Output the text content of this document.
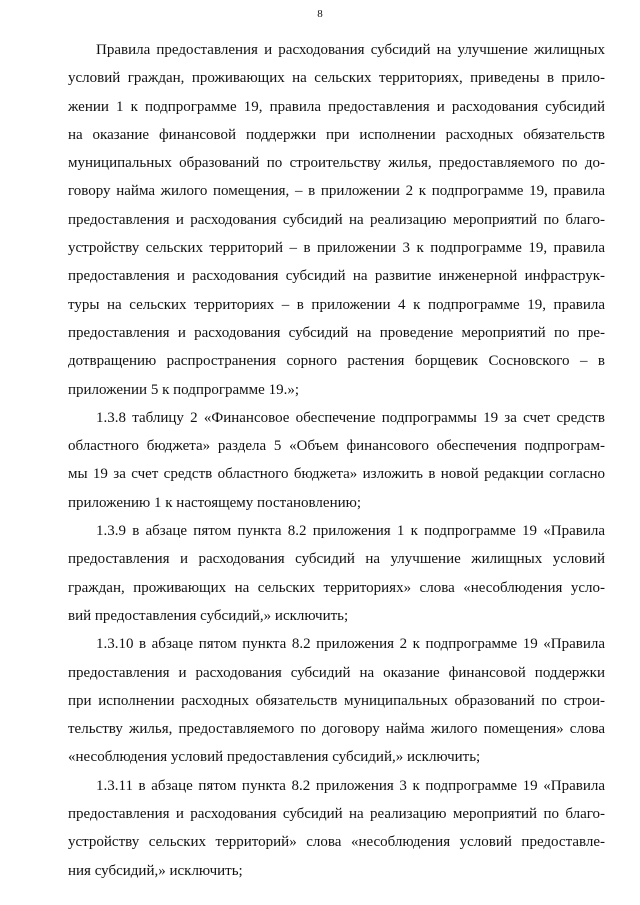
8
Правила предоставления и расходования субсидий на улучшение жилищных
условий граждан, проживающих на сельских территориях, приведены в прило-
жении 1 к подпрограмме 19, правила предоставления и расходования субсидий
на оказание финансовой поддержки при исполнении расходных обязательств
муниципальных образований по строительству жилья, предоставляемого по до-
говору найма жилого помещения, – в приложении 2 к подпрограмме 19, правила
предоставления и расходования субсидий на реализацию мероприятий по благо-
устройству сельских территорий – в приложении 3 к подпрограмме 19, правила
предоставления и расходования субсидий на развитие инженерной инфраструк-
туры на сельских территориях – в приложении 4 к подпрограмме 19, правила
предоставления и расходования субсидий на проведение мероприятий по пре-
дотвращению распространения сорного растения борщевик Сосновского – в
приложении 5 к подпрограмме 19.»;
1.3.8 таблицу 2 «Финансовое обеспечение подпрограммы 19 за счет средств
областного бюджета» раздела 5 «Объем финансового обеспечения подпрограм-
мы 19 за счет средств областного бюджета» изложить в новой редакции согласно
приложению 1 к настоящему постановлению;
1.3.9 в абзаце пятом пункта 8.2 приложения 1 к подпрограмме 19 «Правила
предоставления и расходования субсидий на улучшение жилищных условий
граждан, проживающих на сельских территориях» слова «несоблюдения усло-
вий предоставления субсидий,» исключить;
1.3.10 в абзаце пятом пункта 8.2 приложения 2 к подпрограмме 19 «Правила
предоставления и расходования субсидий на оказание финансовой поддержки
при исполнении расходных обязательств муниципальных образований по строи-
тельству жилья, предоставляемого по договору найма жилого помещения» слова
«несоблюдения условий предоставления субсидий,» исключить;
1.3.11 в абзаце пятом пункта 8.2 приложения 3 к подпрограмме 19 «Правила
предоставления и расходования субсидий на реализацию мероприятий по благо-
устройству сельских территорий» слова «несоблюдения условий предоставле-
ния субсидий,» исключить;
